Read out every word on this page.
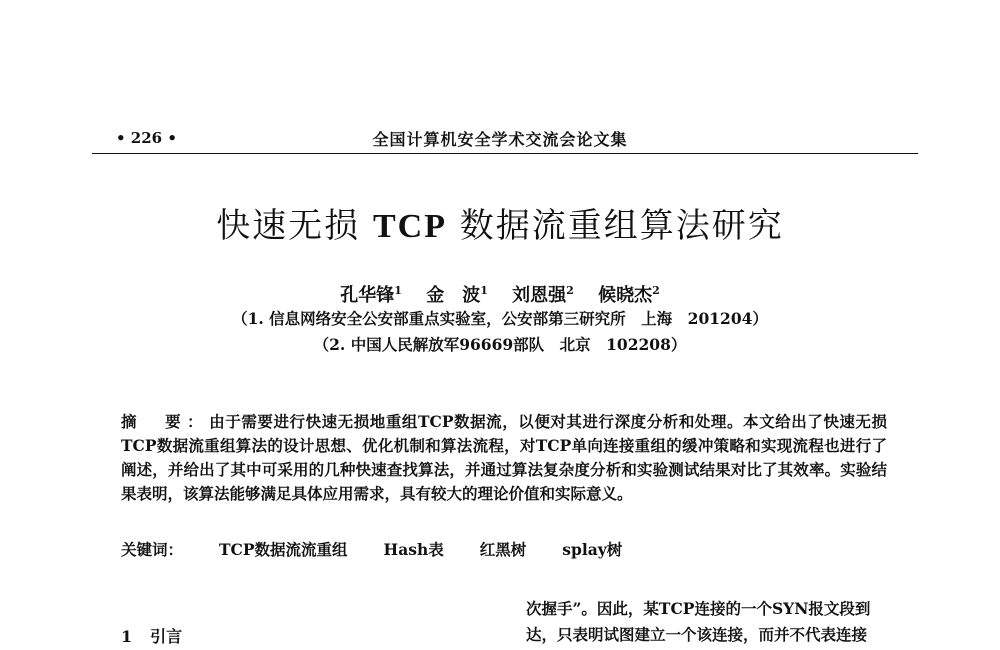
• 226 •	全国计算机安全学术交流会论文集
快速无损 TCP 数据流重组算法研究
孔华锋$^1$ 金　波$^1$ 刘恩强$^2$ 候晓杰$^2$
（1. 信息网络安全公安部重点实验室，公安部第三研究所　上海　201204）
（2. 中国人民解放军96669部队　北京　102208）
摘　要：由于需要进行快速无损地重组TCP数据流，以便对其进行深度分析和处理。本文给出了快速无损TCP数据流重组算法的设计思想、优化机制和算法流程，对TCP单向连接重组的缓冲策略和实现流程也进行了阐述，并给出了其中可采用的几种快速查找算法，并通过算法复杂度分析和实验测试结果对比了其效率。实验结果表明，该算法能够满足具体应用需求，具有较大的理论价值和实际意义。
关键词： TCP数据流流重组 Hash表 红黑树 splay树
1 引言
次握手”。因此，某TCP连接的一个SYN报文段到
达，只表明试图建立一个该连接，而并不代表连接
